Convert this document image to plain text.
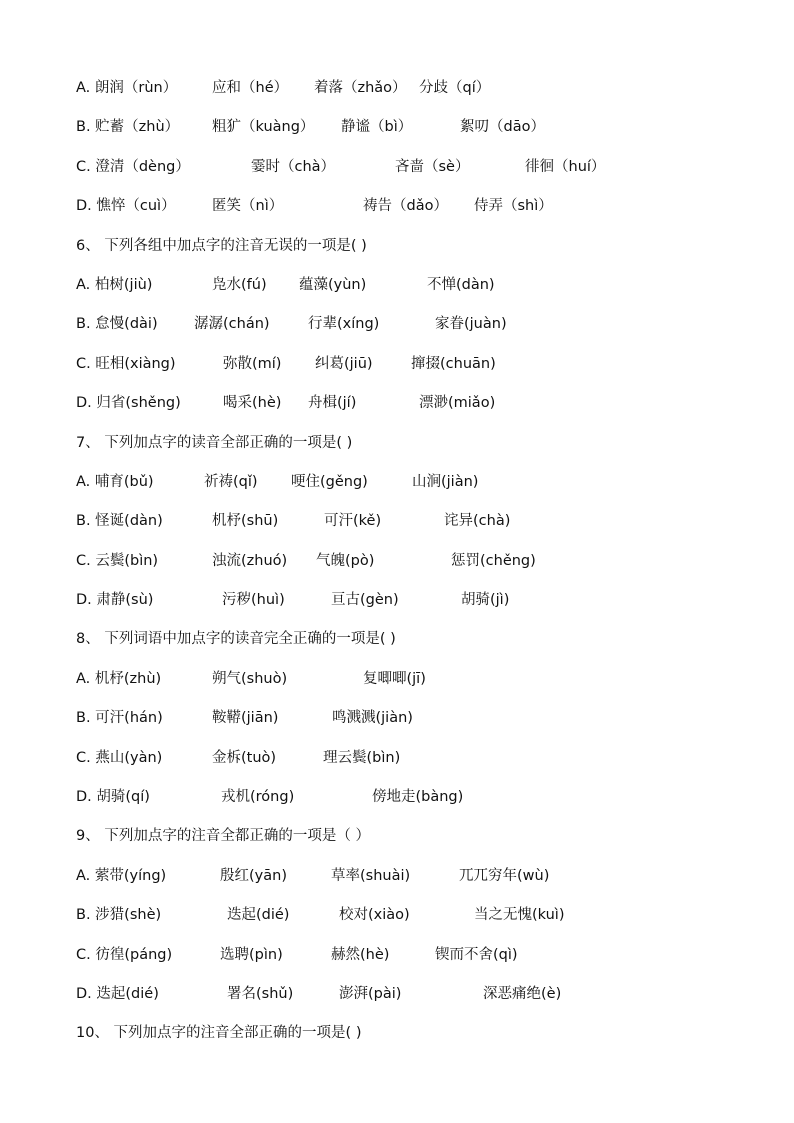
A. 朗润（rùn） 应和（hé） 着落（zhǎo） 分歧（qí）
B. 贮蓄（zhù） 粗犷（kuàng） 静谧（bì）	絮叨（dāo）
C. 澄清（dèng）	霎时（chà）	吝啬（sè）	徘徊（huí）
D. 憔悴（cuì）	匿笑（nì）	祷告（dǎo） 侍弄（shì）
6、 下列各组中加点字的注音无误的一项是( )
A. 柏树(jiù)	凫水(fú) 蕴藻(yùn)	不惮(dàn)
B. 怠慢(dài)	潺潺(chán)	行辈(xíng)	家眷(juàn)
C. 旺相(xiàng)	弥散(mí) 纠葛(jiū)	撺掇(chuān)
D. 归省(shěng)	喝采(hè) 舟楫(jí)	漂渺(miǎo)
7、 下列加点字的读音全部正确的一项是( )
A. 哺育(bǔ)	祈祷(qǐ) 哽住(gěng)	山涧(jiàn)
B. 怪诞(dàn)	机杼(shū)	可汗(kě)	诧异(chà)
C. 云鬓(bìn)	浊流(zhuó) 气魄(pò)	惩罚(chěng)
D. 肃静(sù)	污秽(huì)	亘古(gèn)	胡骑(jì)
8、 下列词语中加点字的读音完全正确的一项是( )
A. 机杼(zhù)	朔气(shuò)	复唧唧(jī)
B. 可汗(hán)	鞍鞯(jiān)	鸣溅溅(jiàn)
C. 燕山(yàn)	金柝(tuò)	理云鬓(bìn)
D. 胡骑(qí)	戎机(róng)	傍地走(bàng)
9、 下列加点字的注音全都正确的一项是（ ）
A. 萦带(yíng)	殷红(yān)	草率(shuài)	兀兀穷年(wù)
B. 涉猎(shè)	迭起(dié)	校对(xiào)	当之无愧(kuì)
C. 彷徨(páng)	选聘(pìn)	赫然(hè)	锲而不舍(qì)
D. 迭起(dié)	署名(shǔ)	澎湃(pài)	深恶痛绝(è)
10、 下列加点字的注音全部正确的一项是( )
